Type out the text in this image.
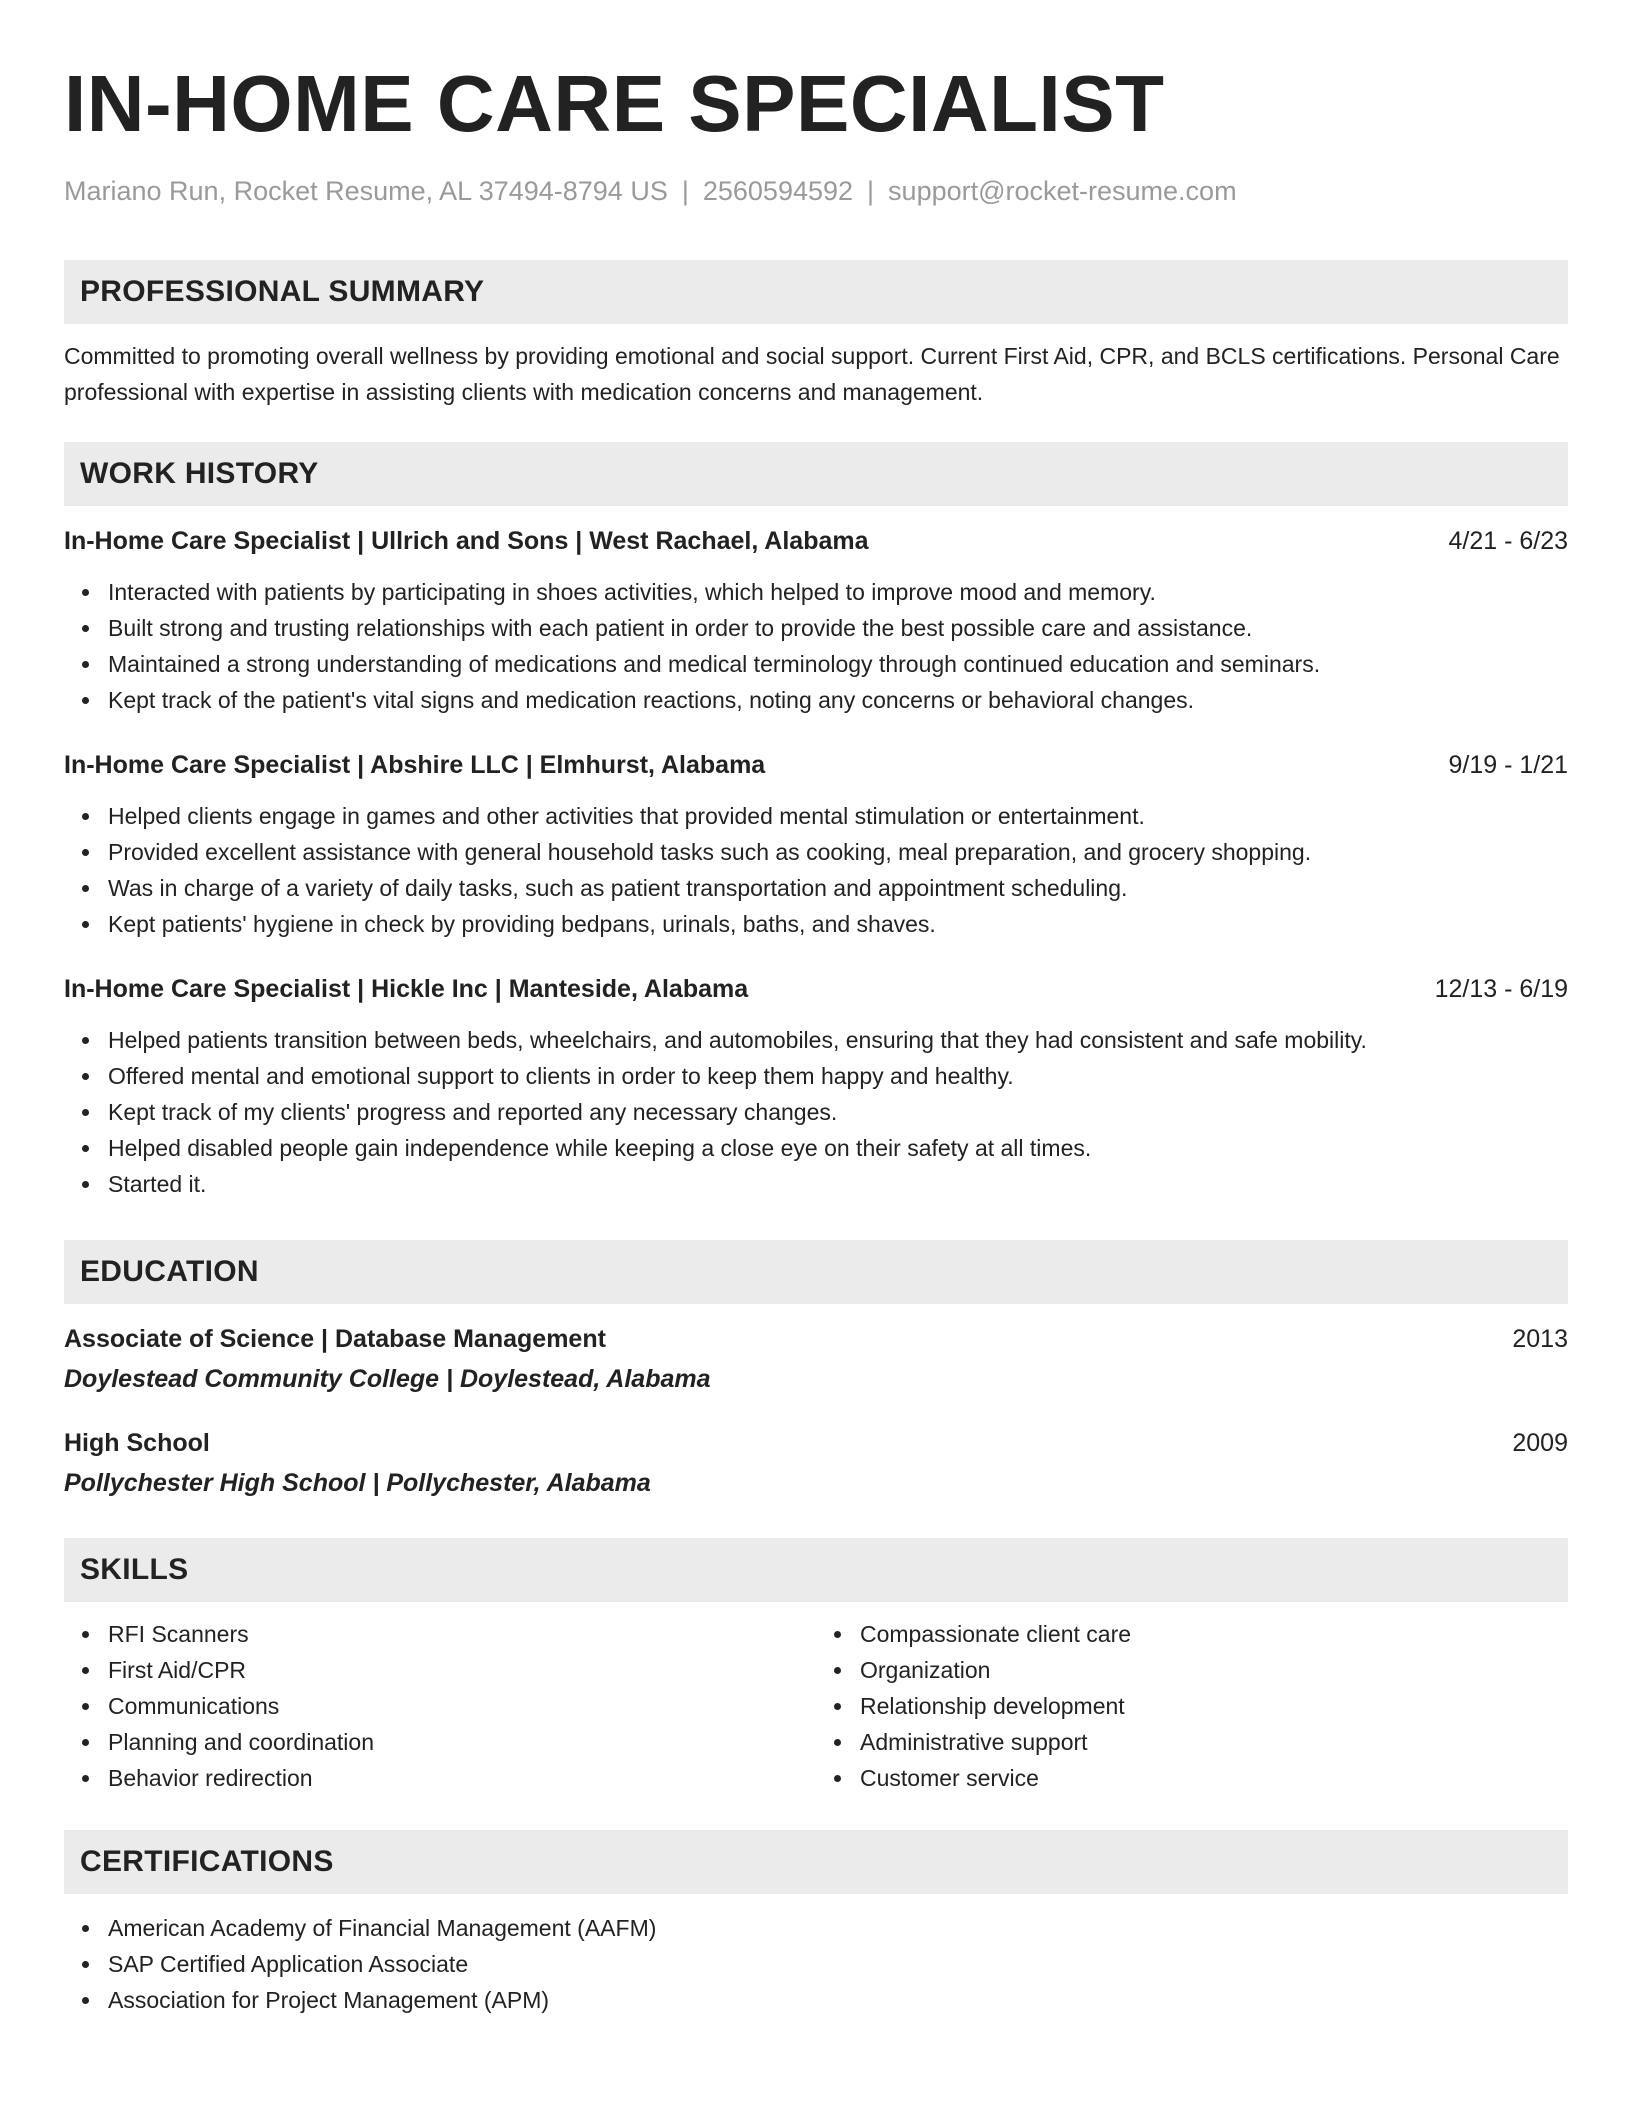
IN-HOME CARE SPECIALIST
Mariano Run, Rocket Resume, AL 37494-8794 US | 2560594592 | support@rocket-resume.com
PROFESSIONAL SUMMARY
Committed to promoting overall wellness by providing emotional and social support. Current First Aid, CPR, and BCLS certifications. Personal Care professional with expertise in assisting clients with medication concerns and management.
WORK HISTORY
In-Home Care Specialist | Ullrich and Sons | West Rachael, Alabama	4/21 - 6/23
Interacted with patients by participating in shoes activities, which helped to improve mood and memory.
Built strong and trusting relationships with each patient in order to provide the best possible care and assistance.
Maintained a strong understanding of medications and medical terminology through continued education and seminars.
Kept track of the patient's vital signs and medication reactions, noting any concerns or behavioral changes.
In-Home Care Specialist | Abshire LLC | Elmhurst, Alabama	9/19 - 1/21
Helped clients engage in games and other activities that provided mental stimulation or entertainment.
Provided excellent assistance with general household tasks such as cooking, meal preparation, and grocery shopping.
Was in charge of a variety of daily tasks, such as patient transportation and appointment scheduling.
Kept patients' hygiene in check by providing bedpans, urinals, baths, and shaves.
In-Home Care Specialist | Hickle Inc | Manteside, Alabama	12/13 - 6/19
Helped patients transition between beds, wheelchairs, and automobiles, ensuring that they had consistent and safe mobility.
Offered mental and emotional support to clients in order to keep them happy and healthy.
Kept track of my clients' progress and reported any necessary changes.
Helped disabled people gain independence while keeping a close eye on their safety at all times.
Started it.
EDUCATION
Associate of Science | Database Management	2013
Doylestead Community College | Doylestead, Alabama
High School	2009
Pollychester High School | Pollychester, Alabama
SKILLS
RFI Scanners
First Aid/CPR
Communications
Planning and coordination
Behavior redirection
Compassionate client care
Organization
Relationship development
Administrative support
Customer service
CERTIFICATIONS
American Academy of Financial Management (AAFM)
SAP Certified Application Associate
Association for Project Management (APM)
